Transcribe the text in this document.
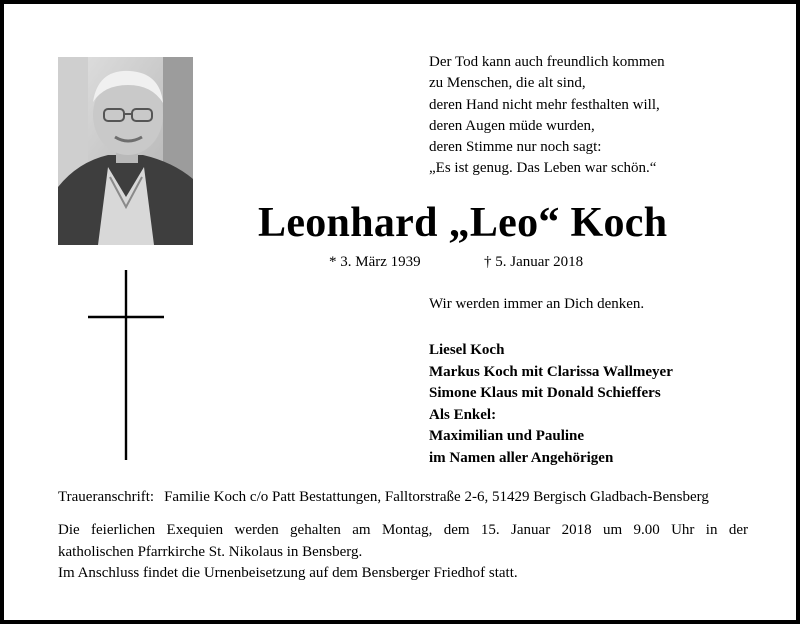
Der Tod kann auch freundlich kommen
zu Menschen, die alt sind,
deren Hand nicht mehr festhalten will,
deren Augen müde wurden,
deren Stimme nur noch sagt:
„Es ist genug. Das Leben war schön.“
Leonhard „Leo“ Koch
* 3. März 1939	† 5. Januar 2018
Wir werden immer an Dich denken.
Liesel Koch
Markus Koch mit Clarissa Wallmeyer
Simone Klaus mit Donald Schieffers
Als Enkel:
Maximilian und Pauline
im Namen aller Angehörigen
Traueranschrift: Familie Koch c/o Patt Bestattungen, Falltorstraße 2-6, 51429 Bergisch Gladbach-Bensberg
Die feierlichen Exequien werden gehalten am Montag, dem 15. Januar 2018 um 9.00 Uhr in der
katholischen Pfarrkirche St. Nikolaus in Bensberg.
Im Anschluss findet die Urnenbeisetzung auf dem Bensberger Friedhof statt.
